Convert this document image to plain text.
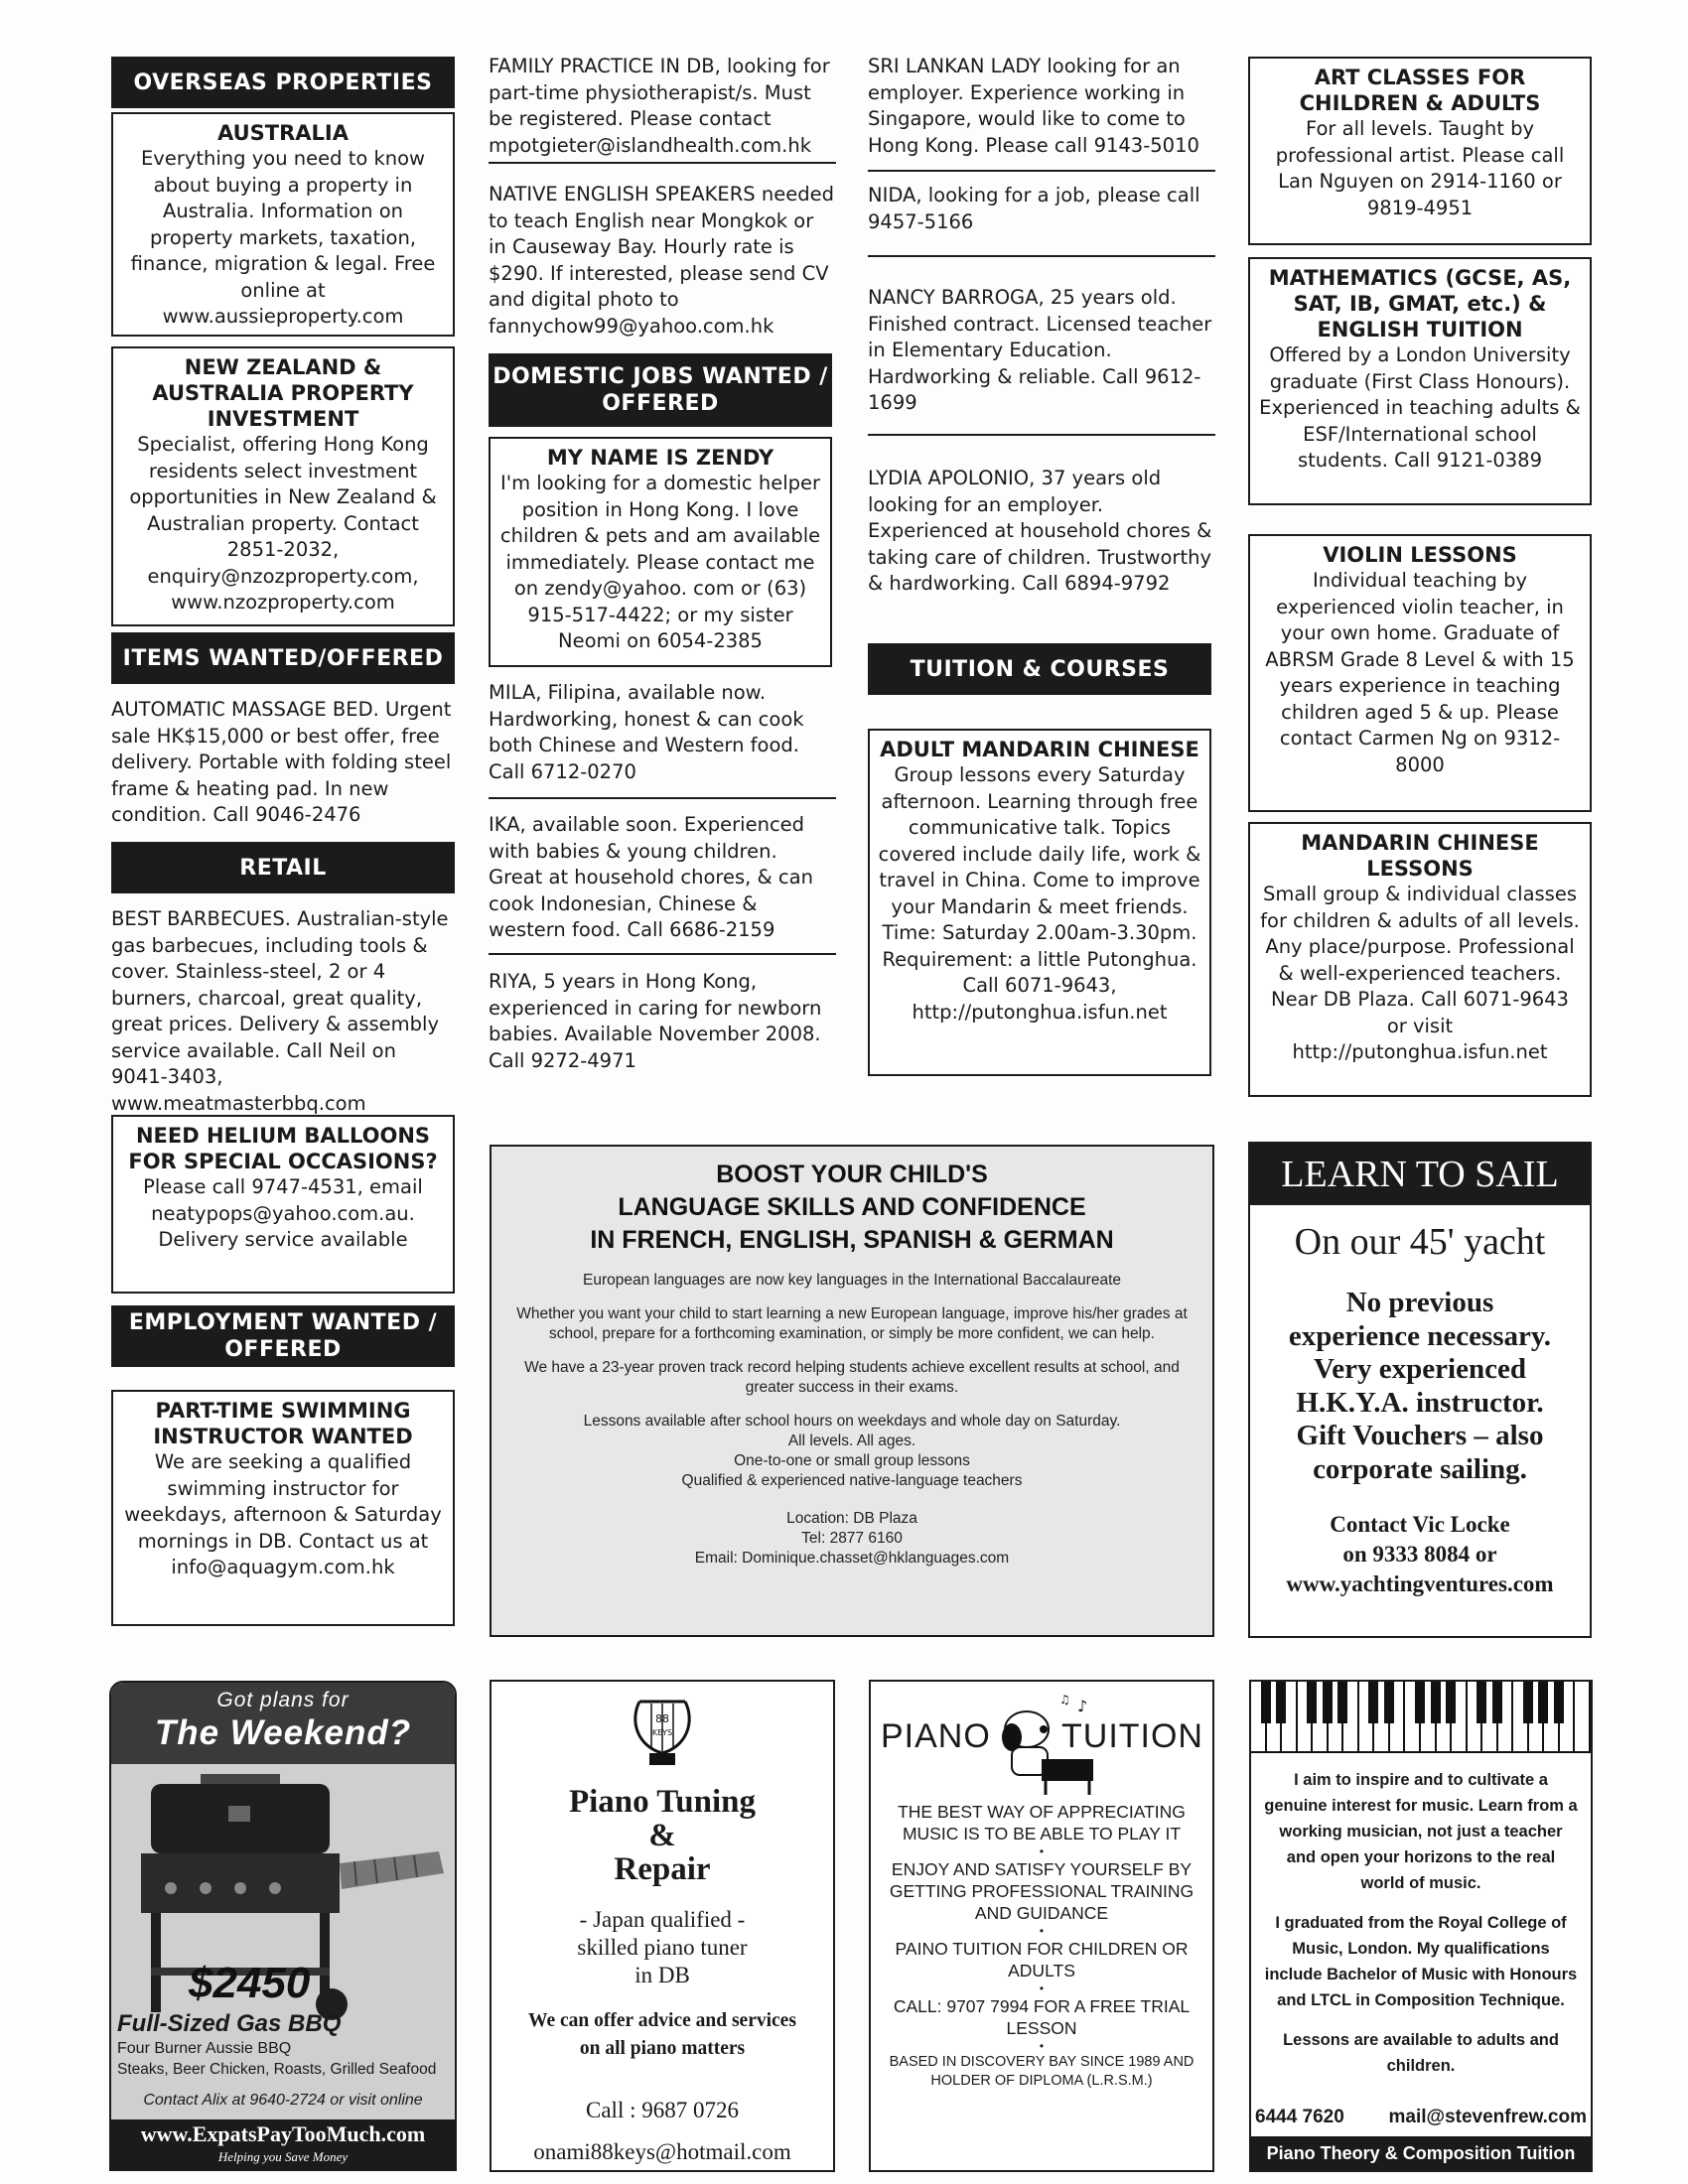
OVERSEAS PROPERTIES
AUSTRALIA
Everything you need to know about buying a property in Australia. Information on property markets, taxation, finance, migration & legal. Free online at www.aussieproperty.com
NEW ZEALAND & AUSTRALIA PROPERTY INVESTMENT
Specialist, offering Hong Kong residents select investment opportunities in New Zealand & Australian property. Contact 2851-2032, enquiry@nzozproperty.com, www.nzozproperty.com
ITEMS WANTED/OFFERED
AUTOMATIC MASSAGE BED. Urgent sale HK$15,000 or best offer, free delivery. Portable with folding steel frame & heating pad. In new condition. Call 9046-2476
RETAIL
BEST BARBECUES. Australian-style gas barbecues, including tools & cover. Stainless-steel, 2 or 4 burners, charcoal, great quality, great prices. Delivery & assembly service available. Call Neil on 9041-3403, www.meatmasterbbq.com
NEED HELIUM BALLOONS FOR SPECIAL OCCASIONS?
Please call 9747-4531, email neatypops@yahoo.com.au. Delivery service available
EMPLOYMENT WANTED / OFFERED
PART-TIME SWIMMING INSTRUCTOR WANTED
We are seeking a qualified swimming instructor for weekdays, afternoon & Saturday mornings in DB. Contact us at info@aquagym.com.hk
FAMILY PRACTICE IN DB, looking for part-time physiotherapist/s. Must be registered. Please contact mpotgieter@islandhealth.com.hk
NATIVE ENGLISH SPEAKERS needed to teach English near Mongkok or in Causeway Bay. Hourly rate is $290. If interested, please send CV and digital photo to fannychow99@yahoo.com.hk
DOMESTIC JOBS WANTED / OFFERED
MY NAME IS ZENDY
I'm looking for a domestic helper position in Hong Kong. I love children & pets and am available immediately. Please contact me on zendy@yahoo. com or (63) 915-517-4422; or my sister Neomi on 6054-2385
MILA, Filipina, available now. Hardworking, honest & can cook both Chinese and Western food. Call 6712-0270
IKA, available soon. Experienced with babies & young children. Great at household chores, & can cook Indonesian, Chinese & western food. Call 6686-2159
RIYA, 5 years in Hong Kong, experienced in caring for newborn babies. Available November 2008. Call 9272-4971
SRI LANKAN LADY looking for an employer. Experience working in Singapore, would like to come to Hong Kong. Please call 9143-5010
NIDA, looking for a job, please call 9457-5166
NANCY BARROGA, 25 years old. Finished contract. Licensed teacher in Elementary Education. Hardworking & reliable. Call 9612-1699
LYDIA APOLONIO, 37 years old looking for an employer. Experienced at household chores & taking care of children. Trustworthy & hardworking. Call 6894-9792
TUITION & COURSES
ADULT MANDARIN CHINESE
Group lessons every Saturday afternoon. Learning through free communicative talk. Topics covered include daily life, work & travel in China. Come to improve your Mandarin & meet friends. Time: Saturday 2.00am-3.30pm. Requirement: a little Putonghua. Call 6071-9643, http://putonghua.isfun.net
ART CLASSES FOR CHILDREN & ADULTS
For all levels. Taught by professional artist. Please call Lan Nguyen on 2914-1160 or 9819-4951
MATHEMATICS (GCSE, AS, SAT, IB, GMAT, etc.) & ENGLISH TUITION
Offered by a London University graduate (First Class Honours). Experienced in teaching adults & ESF/International school students. Call 9121-0389
VIOLIN LESSONS
Individual teaching by experienced violin teacher, in your own home. Graduate of ABRSM Grade 8 Level & with 15 years experience in teaching children aged 5 & up. Please contact Carmen Ng on 9312-8000
MANDARIN CHINESE LESSONS
Small group & individual classes for children & adults of all levels. Any place/purpose. Professional & well-experienced teachers. Near DB Plaza. Call 6071-9643 or visit http://putonghua.isfun.net
BOOST YOUR CHILD'S
LANGUAGE SKILLS AND CONFIDENCE
IN FRENCH, ENGLISH, SPANISH & GERMAN

European languages are now key languages in the International Baccalaureate

Whether you want your child to start learning a new European language, improve his/her grades at school, prepare for a forthcoming examination, or simply be more confident, we can help.

We have a 23-year proven track record helping students achieve excellent results at school, and greater success in their exams.

Lessons available after school hours on weekdays and whole day on Saturday.
All levels. All ages.
One-to-one or small group lessons
Qualified & experienced native-language teachers

Location: DB Plaza
Tel: 2877 6160
Email: Dominique.chasset@hklanguages.com

LEARN TO SAIL
On our 45' yacht
No previous
experience necessary.
Very experienced
H.K.Y.A. instructor.
Gift Vouchers – also
corporate sailing.
Contact Vic Locke
on 9333 8084 or
www.yachtingventures.com
Got plans for
The Weekend?
$2450
Full-Sized Gas BBQ
Four Burner Aussie BBQ
Steaks, Beer Chicken, Roasts, Grilled Seafood
Contact Alix at 9640-2724 or visit online
www.ExpatsPayTooMuch.com
Helping you Save Money
88
KEYS
Piano Tuning
&
Repair
- Japan qualified -
skilled piano tuner
in DB
We can offer advice and services
on all piano matters
Call : 9687 0726
onami88keys@hotmail.com
PIANO TUITION
♪
♫
THE BEST WAY OF APPRECIATING MUSIC IS TO BE ABLE TO PLAY IT
•
ENJOY AND SATISFY YOURSELF BY GETTING PROFESSIONAL TRAINING AND GUIDANCE
•
PAINO TUITION FOR CHILDREN OR ADULTS
•
CALL: 9707 7994 FOR A FREE TRIAL LESSON
•
BASED IN DISCOVERY BAY SINCE 1989 AND HOLDER OF DIPLOMA (L.R.S.M.)
I aim to inspire and to cultivate a genuine interest for music. Learn from a working musician, not just a teacher and open your horizons to the real world of music.
I graduated from the Royal College of Music, London. My qualifications include Bachelor of Music with Honours and LTCL in Composition Technique.
Lessons are available to adults and children.
6444 7620 mail@stevenfrew.com
Piano Theory & Composition Tuition
